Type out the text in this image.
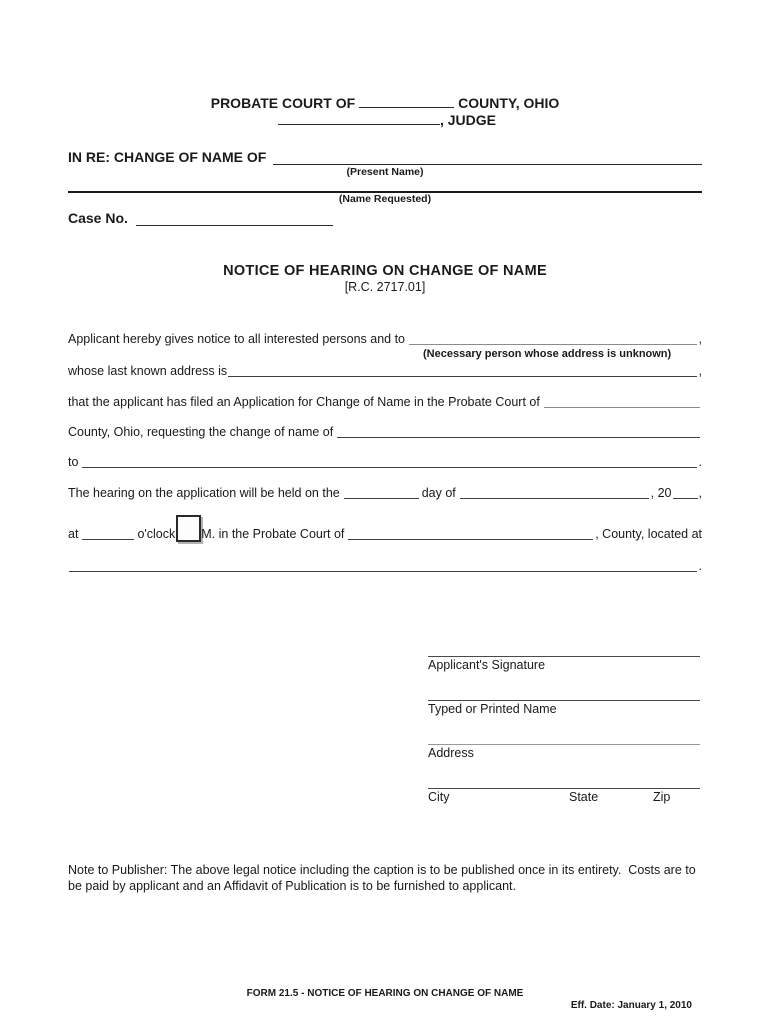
PROBATE COURT OF	COUNTY, OHIO
, JUDGE
IN RE: CHANGE OF NAME OF
(Present Name)
(Name Requested)
Case No.
NOTICE OF HEARING ON CHANGE OF NAME
[R.C. 2717.01]
Applicant hereby gives notice to all interested persons and to	,
(Necessary person whose address is unknown)
whose last known address is	,
that the applicant has filed an Application for Change of Name in the Probate Court of
County, Ohio, requesting the change of name of
to	.
The hearing on the application will be held on the	day of	, 20 ,
at	o'clock M. in the Probate Court of	, County, located at
.
Applicant's Signature
Typed or Printed Name
Address
City	State	Zip
Note to Publisher: The above legal notice including the caption is to be published once in its entirety.  Costs are to be paid by applicant and an Affidavit of Publication is to be furnished to applicant.
FORM 21.5 - NOTICE OF HEARING ON CHANGE OF NAME
Eff. Date: January 1, 2010
